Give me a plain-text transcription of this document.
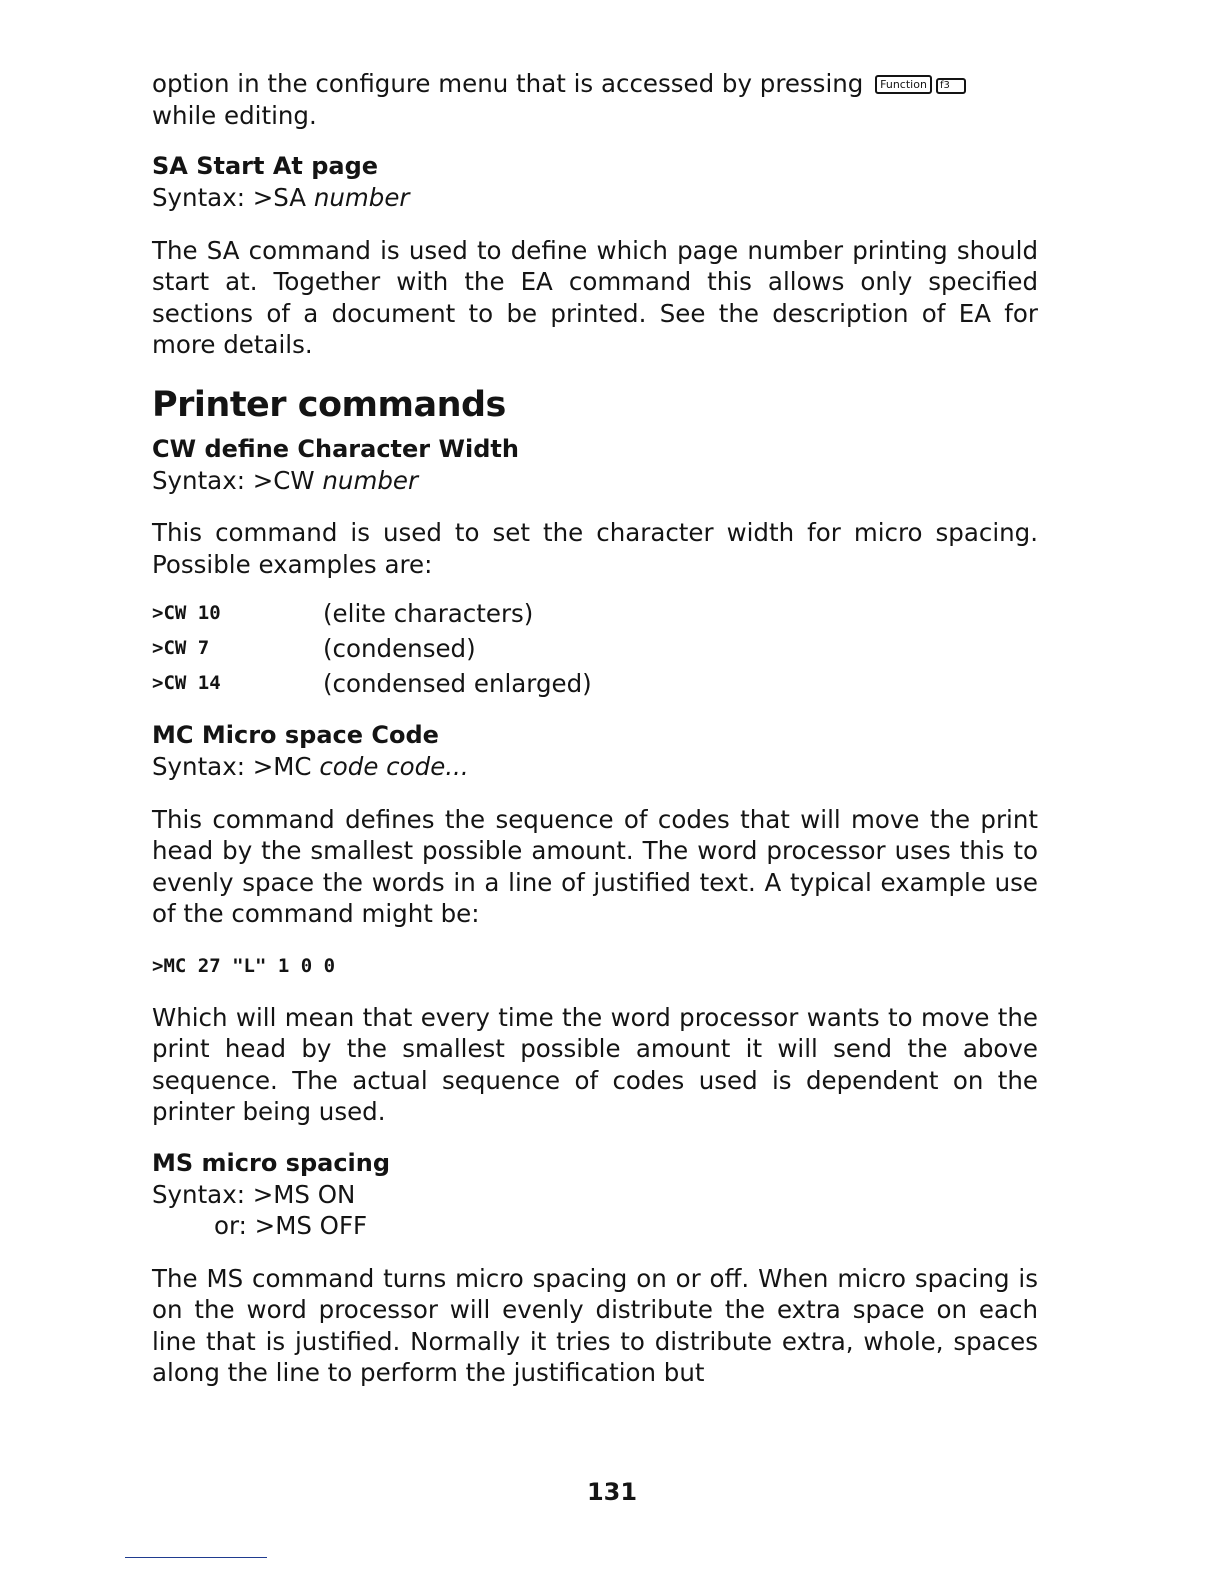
option in the configure menu that is accessed by pressing Function f3
while editing.

SA Start At page
Syntax: >SA number

The SA command is used to define which page number printing should start at. Together with the EA command this allows only specified sections of a document to be printed. See the description of EA for more details.

Printer commands
CW define Character Width
Syntax: >CW number

This command is used to set the character width for micro spacing. Possible examples are:

>CW 10	(elite characters)
>CW 7	(condensed)
>CW 14	(condensed enlarged)
MC Micro space Code
Syntax: >MC code code...

This command defines the sequence of codes that will move the print head by the smallest possible amount. The word processor uses this to evenly space the words in a line of justified text. A typical example use of the command might be:

>MC 27 "L" 1 0 0

Which will mean that every time the word processor wants to move the print head by the smallest possible amount it will send the above sequence. The actual sequence of codes used is dependent on the printer being used.

MS micro spacing
Syntax: >MS ON
or: >MS OFF

The MS command turns micro spacing on or off. When micro spacing is on the word processor will evenly distribute the extra space on each line that is justified. Normally it tries to distribute extra, whole, spaces along the line to perform the justification but

131
